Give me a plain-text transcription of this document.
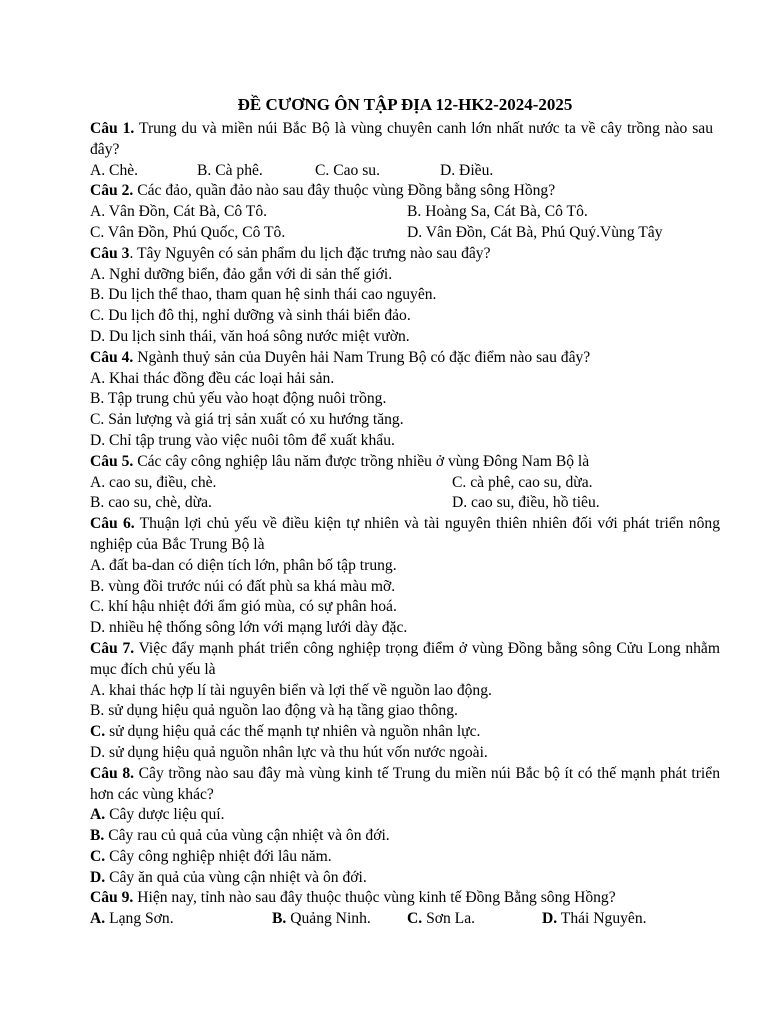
ĐỀ CƯƠNG ÔN TẬP ĐỊA 12-HK2-2024-2025
Câu 1. Trung du và miền núi Bắc Bộ là vùng chuyên canh lớn nhất nước ta về cây trồng nào sau đây?
A. Chè.	B. Cà phê.	C. Cao su.	D. Điều.
Câu 2. Các đảo, quần đảo nào sau đây thuộc vùng Đồng bằng sông Hồng?
A. Vân Đồn, Cát Bà, Cô Tô.	B. Hoàng Sa, Cát Bà, Cô Tô.
C. Vân Đồn, Phú Quốc, Cô Tô.	D. Vân Đồn, Cát Bà, Phú Quý.Vùng Tây
Câu 3. Tây Nguyên có sản phẩm du lịch đặc trưng nào sau đây?
A. Nghỉ dưỡng biển, đảo gắn với di sản thế giới.
B. Du lịch thể thao, tham quan hệ sinh thái cao nguyên.
C. Du lịch đô thị, nghỉ dưỡng và sinh thái biển đảo.
D. Du lịch sinh thái, văn hoá sông nước miệt vườn.
Câu 4. Ngành thuỷ sản của Duyên hải Nam Trung Bộ có đặc điểm nào sau đây?
A. Khai thác đồng đều các loại hải sản.
B. Tập trung chủ yếu vào hoạt động nuôi trồng.
C. Sản lượng và giá trị sản xuất có xu hướng tăng.
D. Chỉ tập trung vào việc nuôi tôm để xuất khẩu.
Câu 5. Các cây công nghiệp lâu năm được trồng nhiều ở vùng Đông Nam Bộ là
A. cao su, điều, chè.	C. cà phê, cao su, dừa.
B. cao su, chè, dừa.	D. cao su, điều, hồ tiêu.
Câu 6. Thuận lợi chủ yếu về điều kiện tự nhiên và tài nguyên thiên nhiên đối với phát triển nông nghiệp của Bắc Trung Bộ là
A. đất ba-dan có diện tích lớn, phân bố tập trung.
B. vùng đồi trước núi có đất phù sa khá màu mỡ.
C. khí hậu nhiệt đới ẩm gió mùa, có sự phân hoá.
D. nhiều hệ thống sông lớn với mạng lưới dày đặc.
Câu 7. Việc đẩy mạnh phát triển công nghiệp trọng điểm ở vùng Đồng bằng sông Cửu Long nhằm mục đích chủ yếu là
A. khai thác hợp lí tài nguyên biển và lợi thế về nguồn lao động.
B. sử dụng hiệu quả nguồn lao động và hạ tầng giao thông.
C. sử dụng hiệu quả các thế mạnh tự nhiên và nguồn nhân lực.
D. sử dụng hiệu quả nguồn nhân lực và thu hút vốn nước ngoài.
Câu 8. Cây trồng nào sau đây mà vùng kinh tế Trung du miền núi Bắc bộ ít có thế mạnh phát triển hơn các vùng khác?
A. Cây dược liệu quí.
B. Cây rau củ quả của vùng cận nhiệt và ôn đới.
C. Cây công nghiệp nhiệt đới lâu năm.
D. Cây ăn quả của vùng cận nhiệt và ôn đới.
Câu 9. Hiện nay, tỉnh nào sau đây thuộc thuộc vùng kinh tế Đồng Bằng sông Hồng?
A. Lạng Sơn.	B. Quảng Ninh.	C. Sơn La.	D. Thái Nguyên.
